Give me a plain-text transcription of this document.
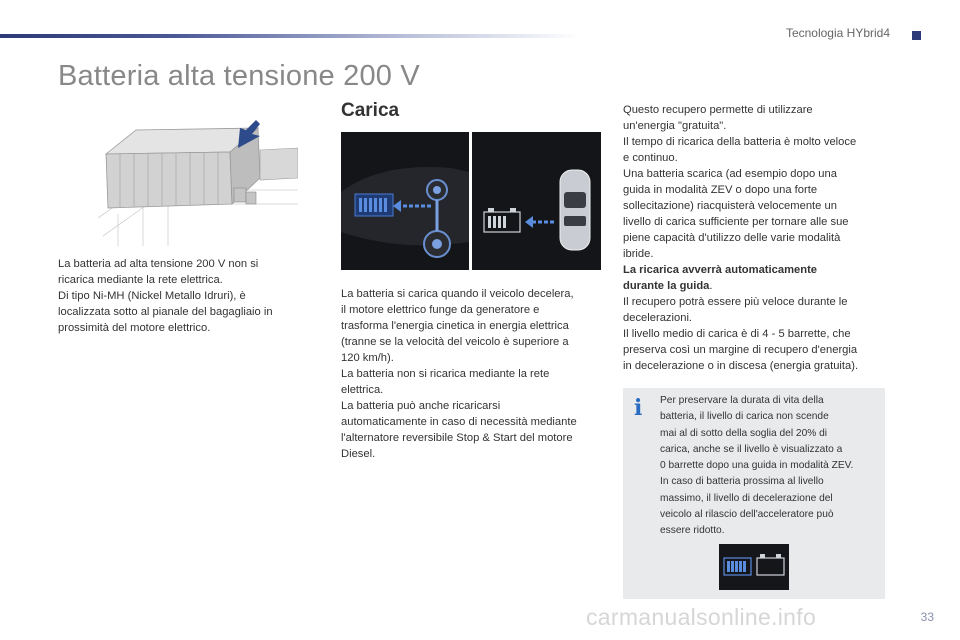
Tecnologia HYbrid4
Batteria alta tensione 200 V
La batteria ad alta tensione 200 V non si
ricarica mediante la rete elettrica.
Di tipo Ni-MH (Nickel Metallo Idruri), è
localizzata sotto al pianale del bagagliaio in
prossimità del motore elettrico.
Carica
La batteria si carica quando il veicolo decelera,
il motore elettrico funge da generatore e
trasforma l'energia cinetica in energia elettrica
(tranne se la velocità del veicolo è superiore a
120 km/h).
La batteria non si ricarica mediante la rete
elettrica.
La batteria può anche ricaricarsi
automaticamente in caso di necessità mediante
l'alternatore reversibile Stop & Start del motore
Diesel.
Questo recupero permette di utilizzare
un'energia "gratuita".
Il tempo di ricarica della batteria è molto veloce
e continuo.
Una batteria scarica (ad esempio dopo una
guida in modalità ZEV o dopo una forte
sollecitazione) riacquisterà velocemente un
livello di carica sufficiente per tornare alle sue
piene capacità d'utilizzo delle varie modalità
ibride.
La ricarica avverrà automaticamente
durante la guida.
Il recupero potrà essere più veloce durante le
decelerazioni.
Il livello medio di carica è di 4 - 5 barrette, che
preserva così un margine di recupero d'energia
in decelerazione o in discesa (energia gratuita).
i Per preservare la durata di vita della
batteria, il livello di carica non scende
mai al di sotto della soglia del 20% di
carica, anche se il livello è visualizzato a
0 barrette dopo una guida in modalità ZEV.
In caso di batteria prossima al livello
massimo, il livello di decelerazione del
veicolo al rilascio dell'acceleratore può
essere ridotto.
carmanualsonline.info	33
